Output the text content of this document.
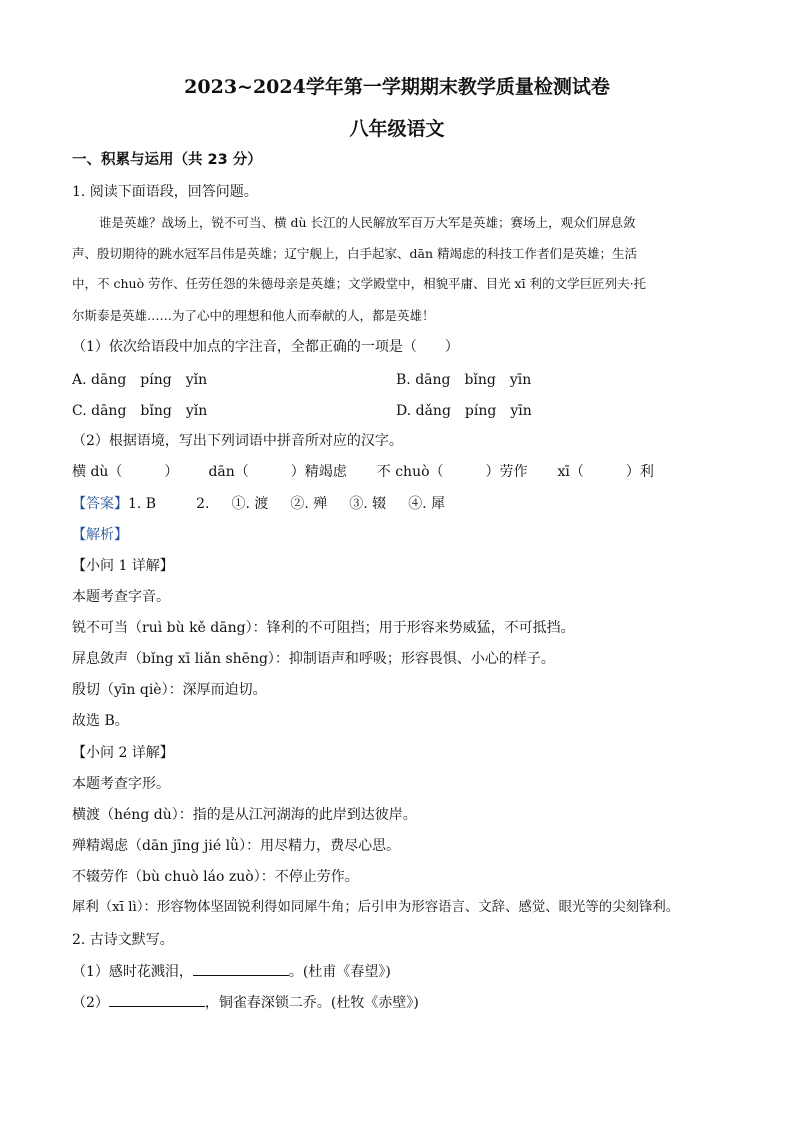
2023~2024学年第一学期期末教学质量检测试卷
八年级语文
一、积累与运用（共 23 分）
1. 阅读下面语段，回答问题。
谁是英雄？战场上，锐不可当、横 dù 长江的人民解放军百万大军是英雄；赛场上，观众们屏息敛
声、殷切期待的跳水冠军吕伟是英雄；辽宁舰上，白手起家、dān 精竭虑的科技工作者们是英雄；生活
中，不 chuò 劳作、任劳任怨的朱德母亲是英雄；文学殿堂中，相貌平庸、目光 xī 利的文学巨匠列夫·托
尔斯泰是英雄……为了心中的理想和他人而奉献的人，都是英雄！
（1）依次给语段中加点的字注音，全都正确的一项是（　　）
A. dāng　píng　yǐn	B. dāng　bǐng　yīn
C. dāng　bǐng　yǐn	D. dǎng　píng　yīn
（2）根据语境，写出下列词语中拼音所对应的汉字。
横 dù（　　　） dān（　　　）精竭虑 不 chuò（　　　）劳作 xī（　　　）利
【答案】1. B	2. ①. 渡 ②. 殚 ③. 辍 ④. 犀
【解析】
【小问 1 详解】
本题考查字音。
锐不可当（ruì bù kě dāng）：锋利的不可阻挡；用于形容来势威猛，不可抵挡。
屏息敛声（bǐng xī liǎn shēng）：抑制语声和呼吸；形容畏惧、小心的样子。
殷切（yīn qiè）：深厚而迫切。
故选 B。
【小问 2 详解】
本题考查字形。
横渡（héng dù）：指的是从江河湖海的此岸到达彼岸。
殚精竭虑（dān jīng jié lǜ）：用尽精力，费尽心思。
不辍劳作（bù chuò láo zuò）：不停止劳作。
犀利（xī lì）：形容物体坚固锐利得如同犀牛角；后引申为形容语言、文辞、感觉、眼光等的尖刻锋利。
2. 古诗文默写。
（1）感时花溅泪，	。(杜甫《春望》)
（2）	，铜雀春深锁二乔。(杜牧《赤壁》)
